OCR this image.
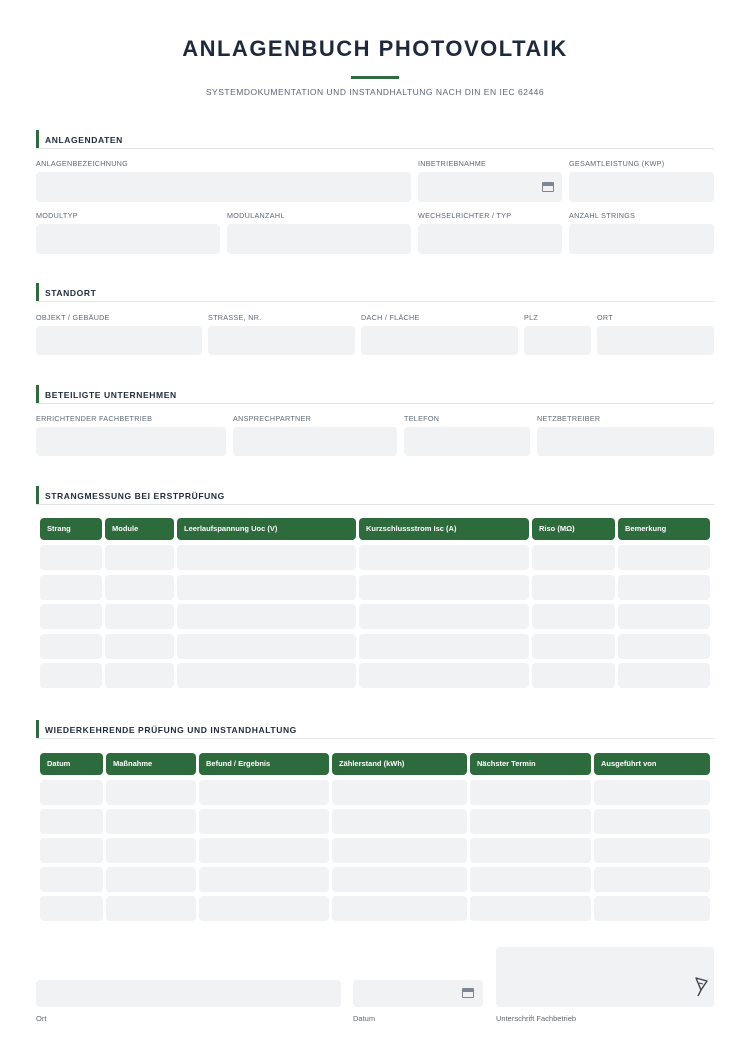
ANLAGENBUCH PHOTOVOLTAIK
SYSTEMDOKUMENTATION UND INSTANDHALTUNG NACH DIN EN IEC 62446
ANLAGENDATEN
ANLAGENBEZEICHNUNG	INBETRIEBNAHME	GESAMTLEISTUNG (KWP)
MODULTYP	MODULANZAHL	WECHSELRICHTER / TYP	ANZAHL STRINGS
STANDORT
OBJEKT / GEBÄUDE	STRASSE, NR.	DACH / FLÄCHE	PLZ	ORT
BETEILIGTE UNTERNEHMEN
ERRICHTENDER FACHBETRIEB	ANSPRECHPARTNER	TELEFON	NETZBETREIBER
STRANGMESSUNG BEI ERSTPRÜFUNG
Strang	Module	Leerlaufspannung Uoc (V)	Kurzschlussstrom Isc (A)	Riso (MΩ)	Bemerkung
WIEDERKEHRENDE PRÜFUNG UND INSTANDHALTUNG
Datum	Maßnahme	Befund / Ergebnis	Zählerstand (kWh)	Nächster Termin	Ausgeführt von
Ort	Datum	Unterschrift Fachbetrieb
